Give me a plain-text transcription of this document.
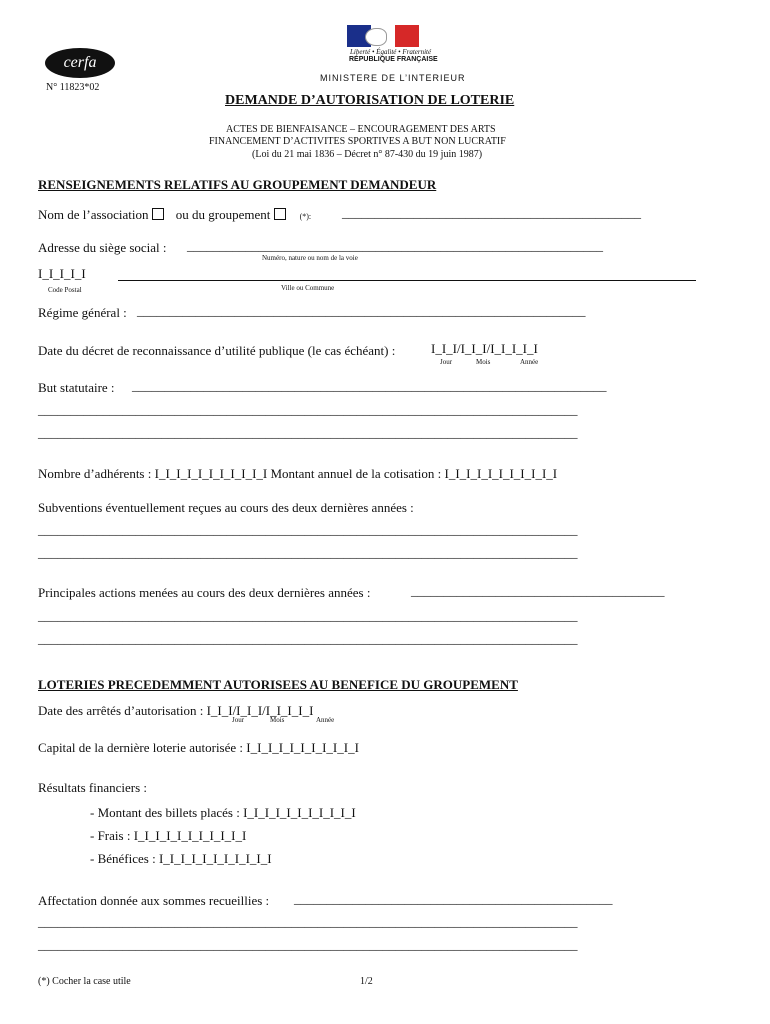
cerfa
N° 11823*02
Liberté • Égalité • Fraternité
RÉPUBLIQUE FRANÇAISE
MINISTERE DE L’INTERIEUR
DEMANDE D’AUTORISATION DE LOTERIE
ACTES DE BIENFAISANCE – ENCOURAGEMENT DES ARTS
FINANCEMENT D’ACTIVITES SPORTIVES A BUT NON LUCRATIF
(Loi du 21 mai 1836 – Décret n° 87-430 du 19 juin 1987)
RENSEIGNEMENTS RELATIFS AU GROUPEMENT DEMANDEUR
Nom de l’association ou du groupement	(*): ______________________________________________
Adresse du siège social : ________________________________________________________________
Numéro, nature ou nom de la voie
I_I_I_I_I
Code Postal	Ville ou Commune
Régime général : _____________________________________________________________________
Date du décret de reconnaissance d’utilité publique (le cas échéant) :	I_I_I/I_I_I/I_I_I_I_I
Jour	Mois	Année
But statutaire : _________________________________________________________________________
___________________________________________________________________________________
___________________________________________________________________________________
Nombre d’adhérents : I_I_I_I_I_I_I_I_I_I_I Montant annuel de la cotisation : I_I_I_I_I_I_I_I_I_I_I
Subventions éventuellement reçues au cours des deux dernières années :
___________________________________________________________________________________
___________________________________________________________________________________
Principales actions menées au cours des deux dernières années :	_______________________________________
___________________________________________________________________________________
___________________________________________________________________________________
LOTERIES PRECEDEMMENT AUTORISEES AU BENEFICE DU GROUPEMENT
Date des arrêtés d’autorisation : I_I_I/I_I_I/I_I_I_I_I
Jour	Mois	Année
Capital de la dernière loterie autorisée : I_I_I_I_I_I_I_I_I_I_I
Résultats financiers :
- Montant des billets placés : I_I_I_I_I_I_I_I_I_I_I
- Frais : I_I_I_I_I_I_I_I_I_I_I
- Bénéfices : I_I_I_I_I_I_I_I_I_I_I
Affectation donnée aux sommes recueillies : _________________________________________________
___________________________________________________________________________________
___________________________________________________________________________________
(*) Cocher la case utile	1/2
